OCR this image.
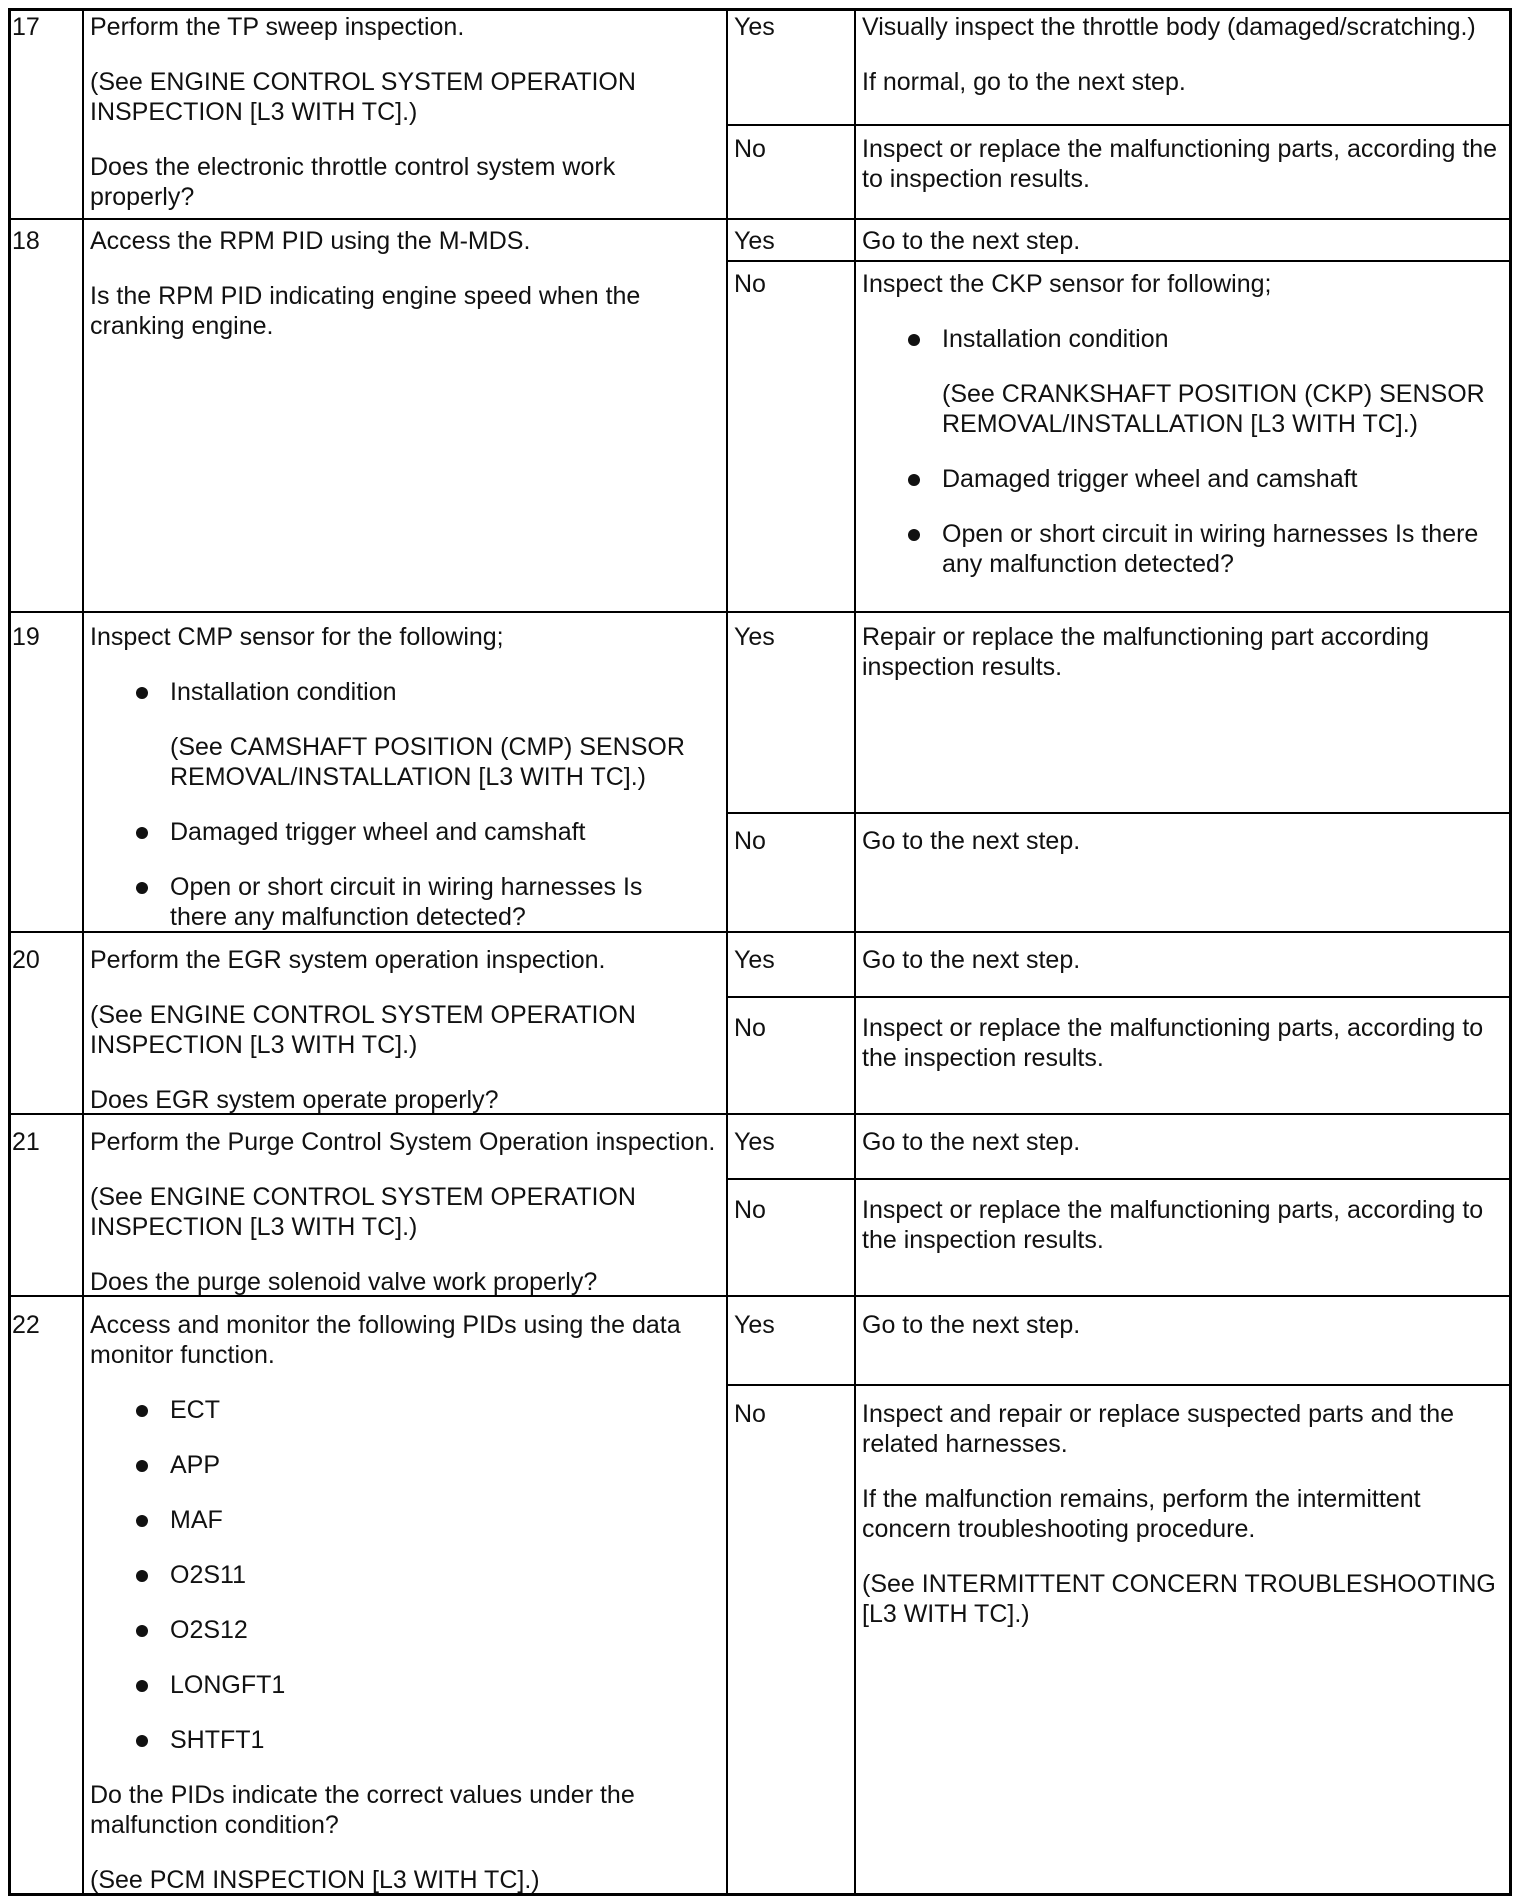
17	Perform the TP sweep inspection.

(See ENGINE CONTROL SYSTEM OPERATION INSPECTION [L3 WITH TC].)

Does the electronic throttle control system work properly?

Yes	Visually inspect the throttle body (damaged/scratching.)

If normal, go to the next step.

No	Inspect or replace the malfunctioning parts, according the to inspection results.

18	Access the RPM PID using the M-MDS.

Is the RPM PID indicating engine speed when the cranking engine.

Yes	Go to the next step.

No	Inspect the CKP sensor for following;

Installation condition
(See CRANKSHAFT POSITION (CKP) SENSOR REMOVAL/INSTALLATION [L3 WITH TC].)
Damaged trigger wheel and camshaft
Open or short circuit in wiring harnesses Is there any malfunction detected?
19	Inspect CMP sensor for the following;

Installation condition
(See CAMSHAFT POSITION (CMP) SENSOR REMOVAL/INSTALLATION [L3 WITH TC].)
Damaged trigger wheel and camshaft
Open or short circuit in wiring harnesses Is there any malfunction detected?
Yes	Repair or replace the malfunctioning part according inspection results.

No	Go to the next step.

20	Perform the EGR system operation inspection.

(See ENGINE CONTROL SYSTEM OPERATION INSPECTION [L3 WITH TC].)

Does EGR system operate properly?

Yes	Go to the next step.

No	Inspect or replace the malfunctioning parts, according to the inspection results.

21	Perform the Purge Control System Operation inspection.

(See ENGINE CONTROL SYSTEM OPERATION INSPECTION [L3 WITH TC].)

Does the purge solenoid valve work properly?

Yes	Go to the next step.

No	Inspect or replace the malfunctioning parts, according to the inspection results.

22	Access and monitor the following PIDs using the data monitor function.

ECT
APP
MAF
O2S11
O2S12
LONGFT1
SHTFT1

Do the PIDs indicate the correct values under the malfunction condition?

(See PCM INSPECTION [L3 WITH TC].)

Yes	Go to the next step.

No	Inspect and repair or replace suspected parts and the related harnesses.

If the malfunction remains, perform the intermittent concern troubleshooting procedure.

(See INTERMITTENT CONCERN TROUBLESHOOTING [L3 WITH TC].)
